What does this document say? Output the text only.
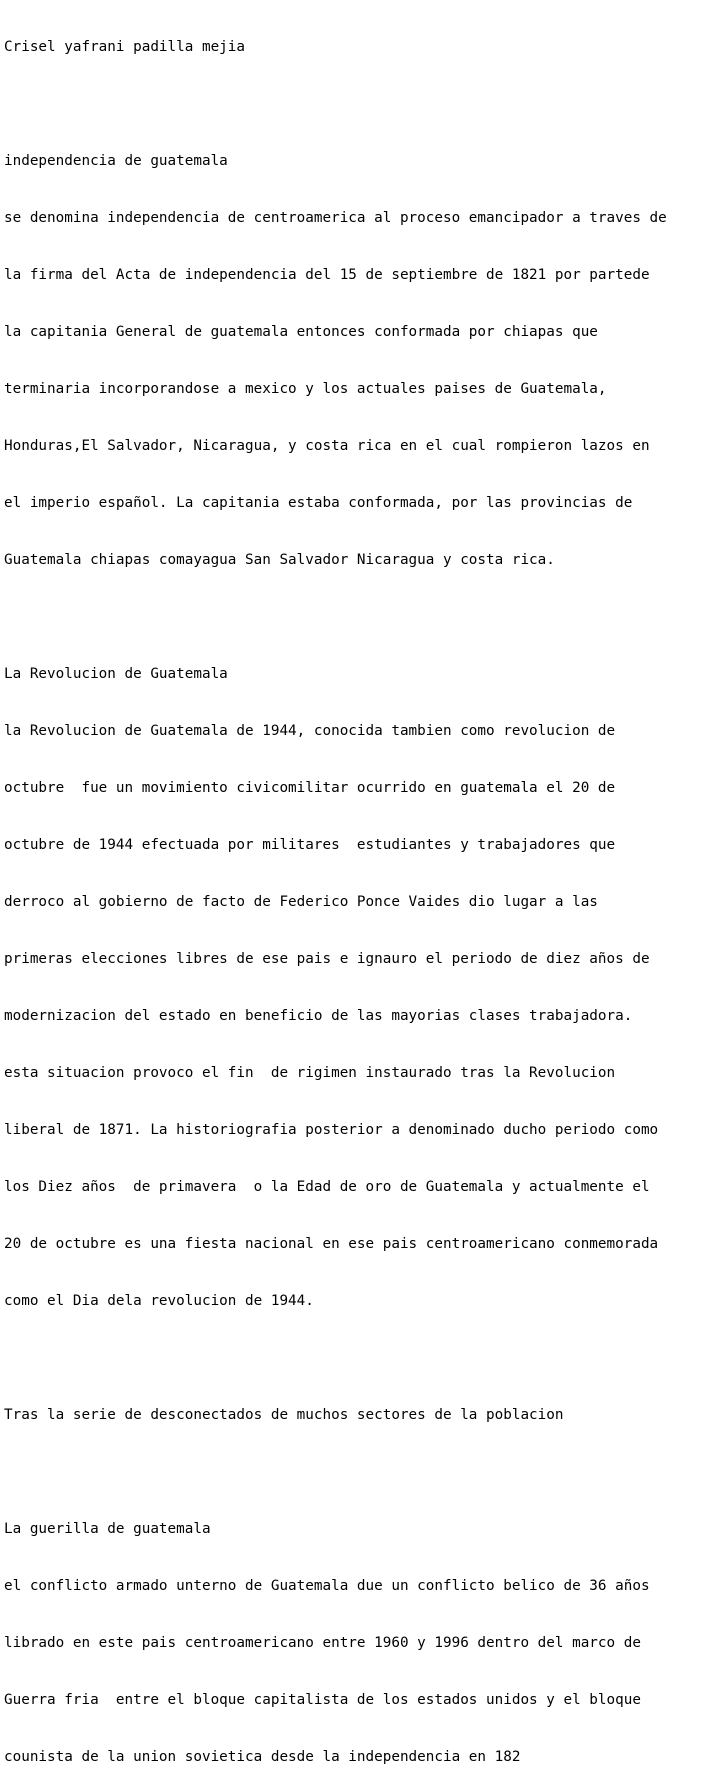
Crisel yafrani padilla mejia

independencia de guatemala

se denomina independencia de centroamerica al proceso emancipador a traves de

la firma del Acta de independencia del 15 de septiembre de 1821 por partede

la capitania General de guatemala entonces conformada por chiapas que

terminaria incorporandose a mexico y los actuales paises de Guatemala,

Honduras,El Salvador, Nicaragua, y costa rica en el cual rompieron lazos en

el imperio español. La capitania estaba conformada, por las provincias de

Guatemala chiapas comayagua San Salvador Nicaragua y costa rica.

La Revolucion de Guatemala

la Revolucion de Guatemala de 1944, conocida tambien como revolucion de

octubre  fue un movimiento civicomilitar ocurrido en guatemala el 20 de

octubre de 1944 efectuada por militares  estudiantes y trabajadores que

derroco al gobierno de facto de Federico Ponce Vaides dio lugar a las

primeras elecciones libres de ese pais e ignauro el periodo de diez años de

modernizacion del estado en beneficio de las mayorias clases trabajadora.

esta situacion provoco el fin  de rigimen instaurado tras la Revolucion

liberal de 1871. La historiografia posterior a denominado ducho periodo como

los Diez años  de primavera  o la Edad de oro de Guatemala y actualmente el

20 de octubre es una fiesta nacional en ese pais centroamericano conmemorada

como el Dia dela revolucion de 1944.

Tras la serie de desconectados de muchos sectores de la poblacion

La guerilla de guatemala

el conflicto armado unterno de Guatemala due un conflicto belico de 36 años

librado en este pais centroamericano entre 1960 y 1996 dentro del marco de

Guerra fria  entre el bloque capitalista de los estados unidos y el bloque

counista de la union sovietica desde la independencia en 182
